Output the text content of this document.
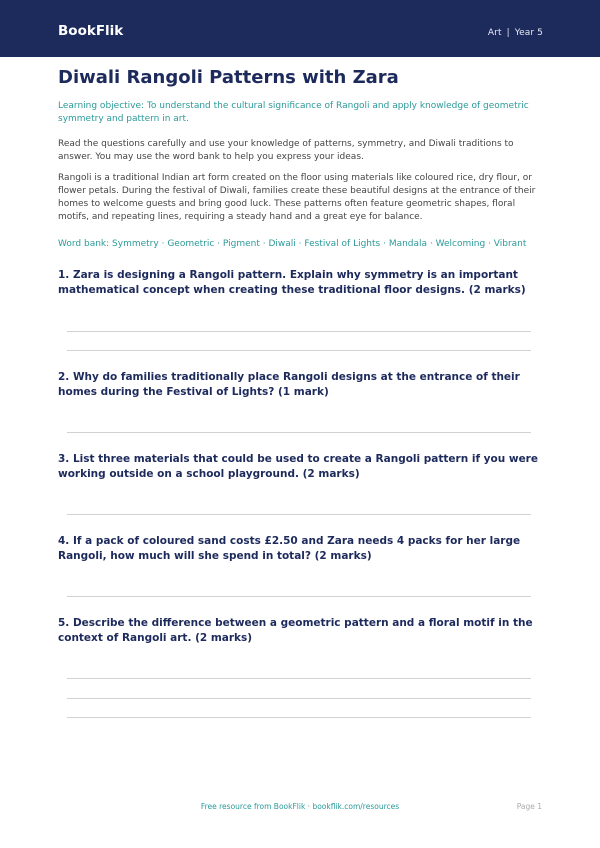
BookFlik	Art | Year 5
Diwali Rangoli Patterns with Zara

Learning objective: To understand the cultural significance of Rangoli and apply knowledge of geometric symmetry and pattern in art.

Read the questions carefully and use your knowledge of patterns, symmetry, and Diwali traditions to answer. You may use the word bank to help you express your ideas.

Rangoli is a traditional Indian art form created on the floor using materials like coloured rice, dry flour, or flower petals. During the festival of Diwali, families create these beautiful designs at the entrance of their homes to welcome guests and bring good luck. These patterns often feature geometric shapes, floral motifs, and repeating lines, requiring a steady hand and a great eye for balance.

Word bank: Symmetry · Geometric · Pigment · Diwali · Festival of Lights · Mandala · Welcoming · Vibrant

1. Zara is designing a Rangoli pattern. Explain why symmetry is an important mathematical concept when creating these traditional floor designs. (2 marks)

2. Why do families traditionally place Rangoli designs at the entrance of their homes during the Festival of Lights? (1 mark)

3. List three materials that could be used to create a Rangoli pattern if you were working outside on a school playground. (2 marks)

4. If a pack of coloured sand costs £2.50 and Zara needs 4 packs for her large Rangoli, how much will she spend in total? (2 marks)

5. Describe the difference between a geometric pattern and a floral motif in the context of Rangoli art. (2 marks)

Free resource from BookFlik · bookflik.com/resources	Page 1
